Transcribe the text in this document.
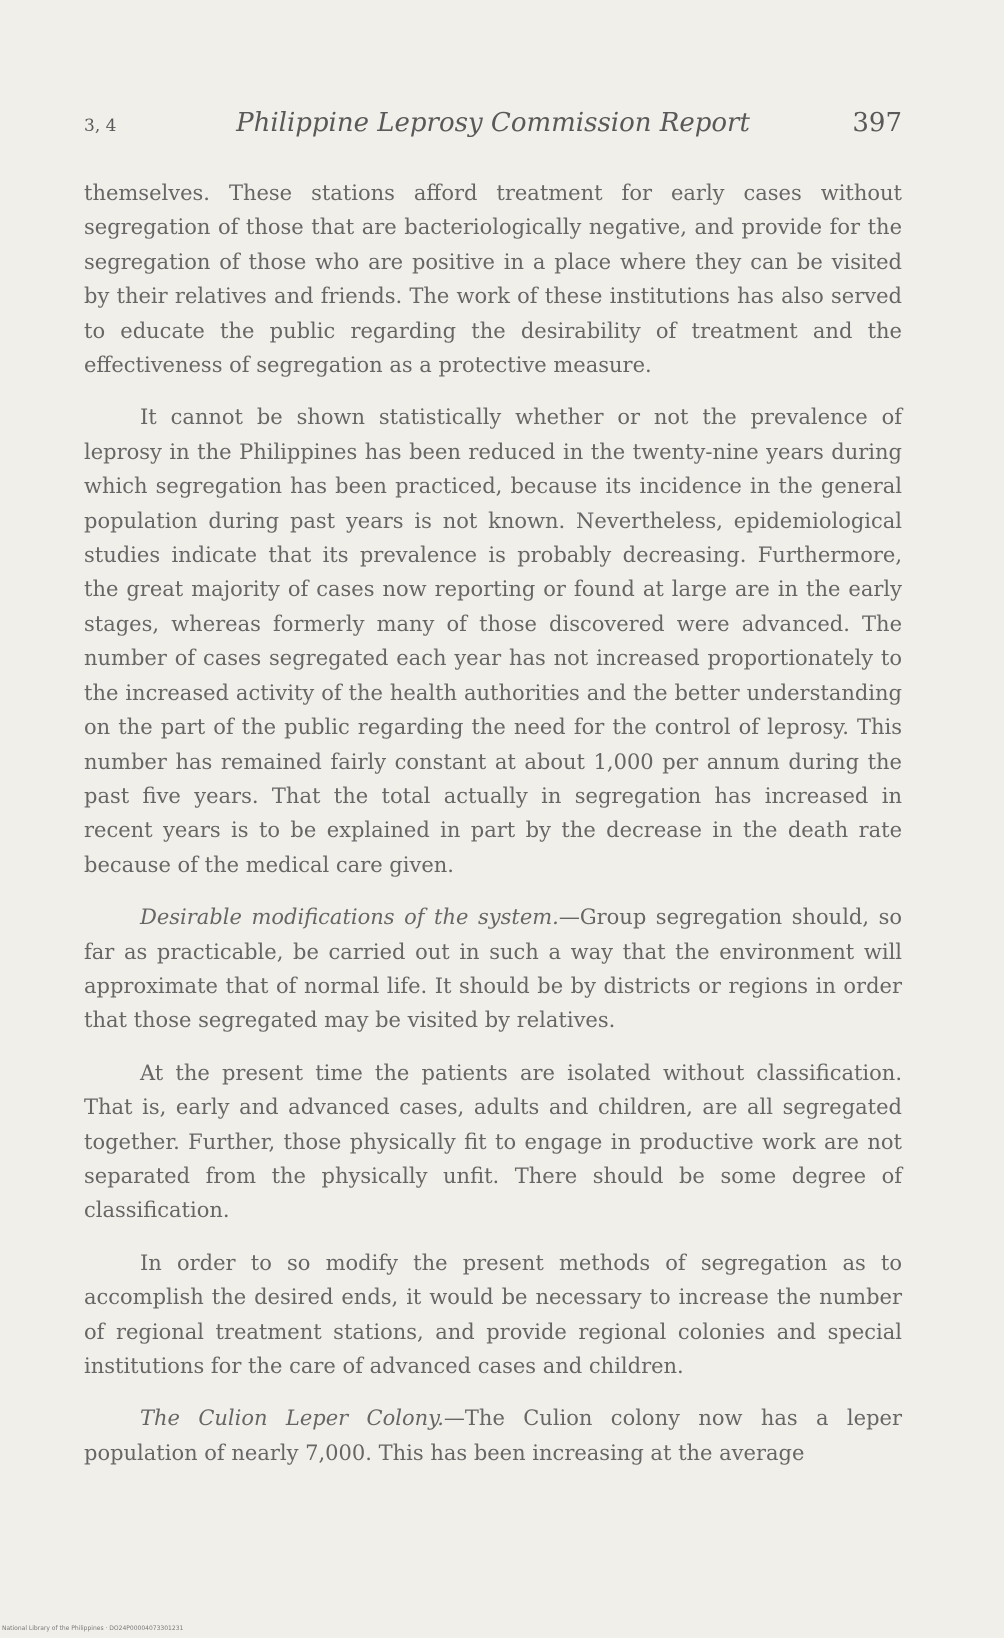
3, 4	Philippine Leprosy Commission Report	397

themselves. These stations afford treatment for early cases without segregation of those that are bacteriologically negative, and provide for the segregation of those who are positive in a place where they can be visited by their relatives and friends. The work of these institutions has also served to educate the public regarding the desirability of treatment and the effectiveness of segregation as a protective measure.

It cannot be shown statistically whether or not the prevalence of leprosy in the Philippines has been reduced in the twenty-nine years during which segregation has been practiced, because its incidence in the general population during past years is not known. Nevertheless, epidemiological studies indicate that its prevalence is probably decreasing. Furthermore, the great majority of cases now reporting or found at large are in the early stages, whereas formerly many of those discovered were advanced. The number of cases segregated each year has not increased proportionately to the increased activity of the health authorities and the better understanding on the part of the public regarding the need for the control of leprosy. This number has remained fairly constant at about 1,000 per annum during the past five years. That the total actually in segregation has increased in recent years is to be explained in part by the decrease in the death rate because of the medical care given.

Desirable modifications of the system.—Group segregation should, so far as practicable, be carried out in such a way that the environment will approximate that of normal life. It should be by districts or regions in order that those segregated may be visited by relatives.

At the present time the patients are isolated without classification. That is, early and advanced cases, adults and children, are all segregated together. Further, those physically fit to engage in productive work are not separated from the physically unfit. There should be some degree of classification.

In order to so modify the present methods of segregation as to accomplish the desired ends, it would be necessary to increase the number of regional treatment stations, and provide regional colonies and special institutions for the care of advanced cases and children.

The Culion Leper Colony.—The Culion colony now has a leper population of nearly 7,000. This has been increasing at the average

National Library of the Philippines · DO24P00004073301231
